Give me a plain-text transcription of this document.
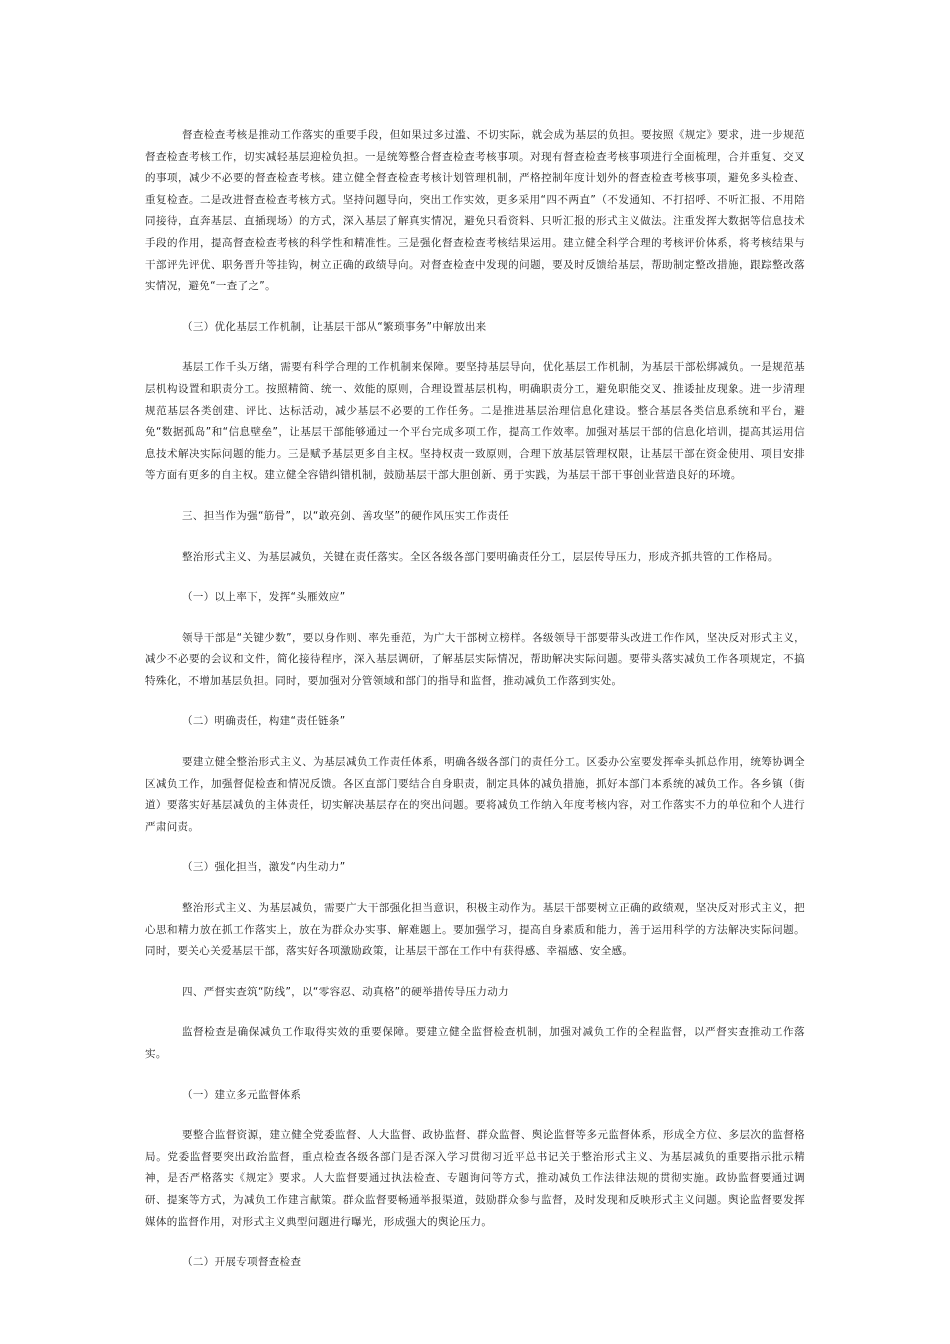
督查检查考核是推动工作落实的重要手段，但如果过多过滥、不切实际，就会成为基层的负担。要按照《规定》要求，进一步规范督查检查考核工作，切实减轻基层迎检负担。一是统筹整合督查检查考核事项。对现有督查检查考核事项进行全面梳理，合并重复、交叉的事项，减少不必要的督查检查考核。建立健全督查检查考核计划管理机制，严格控制年度计划外的督查检查考核事项，避免多头检查、重复检查。二是改进督查检查考核方式。坚持问题导向，突出工作实效，更多采用“四不两直”（不发通知、不打招呼、不听汇报、不用陪同接待，直奔基层、直插现场）的方式，深入基层了解真实情况，避免只看资料、只听汇报的形式主义做法。注重发挥大数据等信息技术手段的作用，提高督查检查考核的科学性和精准性。三是强化督查检查考核结果运用。建立健全科学合理的考核评价体系，将考核结果与干部评先评优、职务晋升等挂钩，树立正确的政绩导向。对督查检查中发现的问题，要及时反馈给基层，帮助制定整改措施，跟踪整改落实情况，避免“一查了之”。

（三）优化基层工作机制，让基层干部从“繁琐事务”中解放出来

基层工作千头万绪，需要有科学合理的工作机制来保障。要坚持基层导向，优化基层工作机制，为基层干部松绑减负。一是规范基层机构设置和职责分工。按照精简、统一、效能的原则，合理设置基层机构，明确职责分工，避免职能交叉、推诿扯皮现象。进一步清理规范基层各类创建、评比、达标活动，减少基层不必要的工作任务。二是推进基层治理信息化建设。整合基层各类信息系统和平台，避免“数据孤岛”和“信息壁垒”，让基层干部能够通过一个平台完成多项工作，提高工作效率。加强对基层干部的信息化培训，提高其运用信息技术解决实际问题的能力。三是赋予基层更多自主权。坚持权责一致原则，合理下放基层管理权限，让基层干部在资金使用、项目安排等方面有更多的自主权。建立健全容错纠错机制，鼓励基层干部大胆创新、勇于实践，为基层干部干事创业营造良好的环境。

三、担当作为强“筋骨”，以“敢亮剑、善攻坚”的硬作风压实工作责任

整治形式主义、为基层减负，关键在责任落实。全区各级各部门要明确责任分工，层层传导压力，形成齐抓共管的工作格局。

（一）以上率下，发挥“头雁效应”

领导干部是“关键少数”，要以身作则、率先垂范，为广大干部树立榜样。各级领导干部要带头改进工作作风，坚决反对形式主义，减少不必要的会议和文件，简化接待程序，深入基层调研，了解基层实际情况，帮助解决实际问题。要带头落实减负工作各项规定，不搞特殊化，不增加基层负担。同时，要加强对分管领域和部门的指导和监督，推动减负工作落到实处。

（二）明确责任，构建“责任链条”

要建立健全整治形式主义、为基层减负工作责任体系，明确各级各部门的责任分工。区委办公室要发挥牵头抓总作用，统筹协调全区减负工作，加强督促检查和情况反馈。各区直部门要结合自身职责，制定具体的减负措施，抓好本部门本系统的减负工作。各乡镇（街道）要落实好基层减负的主体责任，切实解决基层存在的突出问题。要将减负工作纳入年度考核内容，对工作落实不力的单位和个人进行严肃问责。

（三）强化担当，激发“内生动力”

整治形式主义、为基层减负，需要广大干部强化担当意识，积极主动作为。基层干部要树立正确的政绩观，坚决反对形式主义，把心思和精力放在抓工作落实上，放在为群众办实事、解难题上。要加强学习，提高自身素质和能力，善于运用科学的方法解决实际问题。同时，要关心关爱基层干部，落实好各项激励政策，让基层干部在工作中有获得感、幸福感、安全感。

四、严督实查筑“防线”，以“零容忍、动真格”的硬举措传导压力动力

监督检查是确保减负工作取得实效的重要保障。要建立健全监督检查机制，加强对减负工作的全程监督，以严督实查推动工作落实。

（一）建立多元监督体系

要整合监督资源，建立健全党委监督、人大监督、政协监督、群众监督、舆论监督等多元监督体系，形成全方位、多层次的监督格局。党委监督要突出政治监督，重点检查各级各部门是否深入学习贯彻习近平总书记关于整治形式主义、为基层减负的重要指示批示精神，是否严格落实《规定》要求。人大监督要通过执法检查、专题询问等方式，推动减负工作法律法规的贯彻实施。政协监督要通过调研、提案等方式，为减负工作建言献策。群众监督要畅通举报渠道，鼓励群众参与监督，及时发现和反映形式主义问题。舆论监督要发挥媒体的监督作用，对形式主义典型问题进行曝光，形成强大的舆论压力。

（二）开展专项督查检查
